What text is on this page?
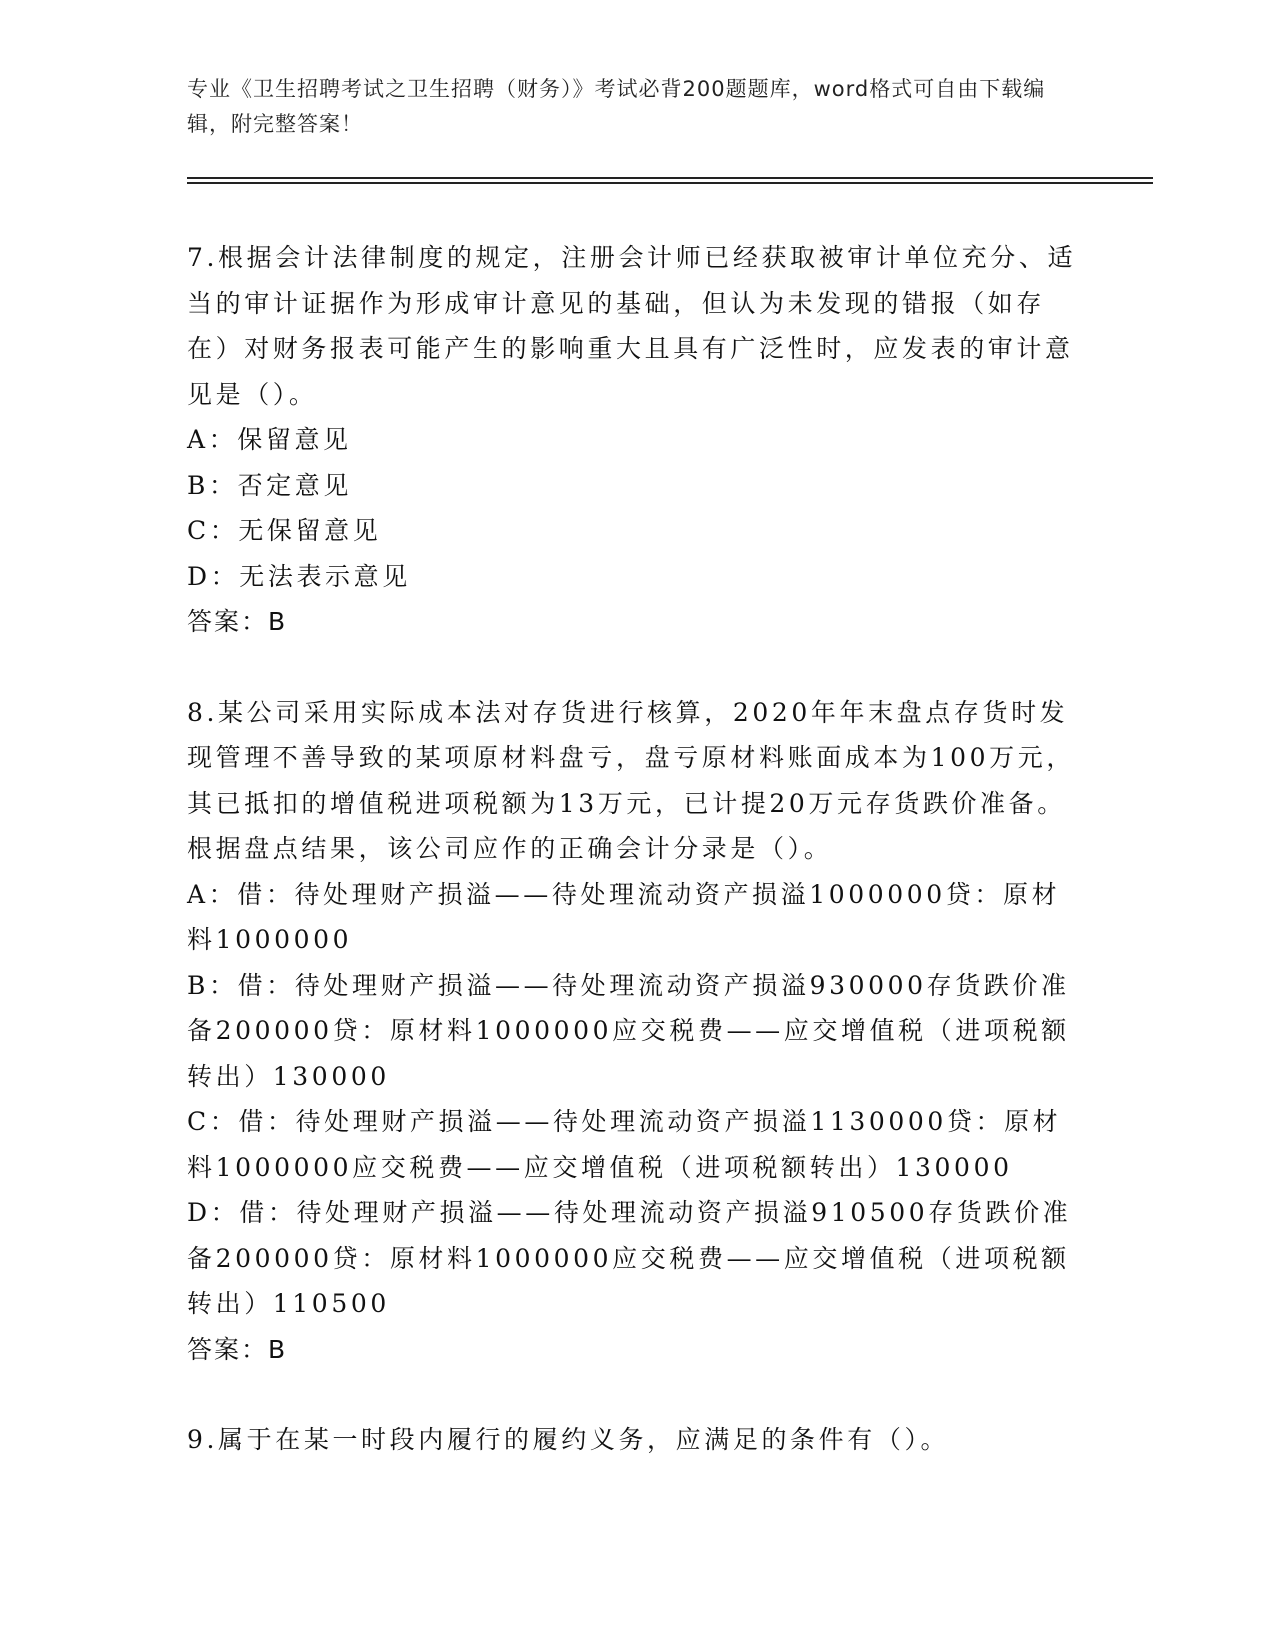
专业《卫生招聘考试之卫生招聘（财务）》考试必背200题题库，word格式可自由下载编辑，附完整答案！

7.根据会计法律制度的规定，注册会计师已经获取被审计单位充分、适当的审计证据作为形成审计意见的基础，但认为未发现的错报（如存在）对财务报表可能产生的影响重大且具有广泛性时，应发表的审计意见是（）。

A：保留意见

B：否定意见

C：无保留意见

D：无法表示意见

答案：B

8.某公司采用实际成本法对存货进行核算，2020年年末盘点存货时发现管理不善导致的某项原材料盘亏，盘亏原材料账面成本为100万元，其已抵扣的增值税进项税额为13万元，已计提20万元存货跌价准备。根据盘点结果，该公司应作的正确会计分录是（）。

A：借：待处理财产损溢——待处理流动资产损溢1000000贷：原材料1000000

B：借：待处理财产损溢——待处理流动资产损溢930000存货跌价准备200000贷：原材料1000000应交税费——应交增值税（进项税额转出）130000

C：借：待处理财产损溢——待处理流动资产损溢1130000贷：原材料1000000应交税费——应交增值税（进项税额转出）130000

D：借：待处理财产损溢——待处理流动资产损溢910500存货跌价准备200000贷：原材料1000000应交税费——应交增值税（进项税额转出）110500

答案：B

9.属于在某一时段内履行的履约义务，应满足的条件有（）。
